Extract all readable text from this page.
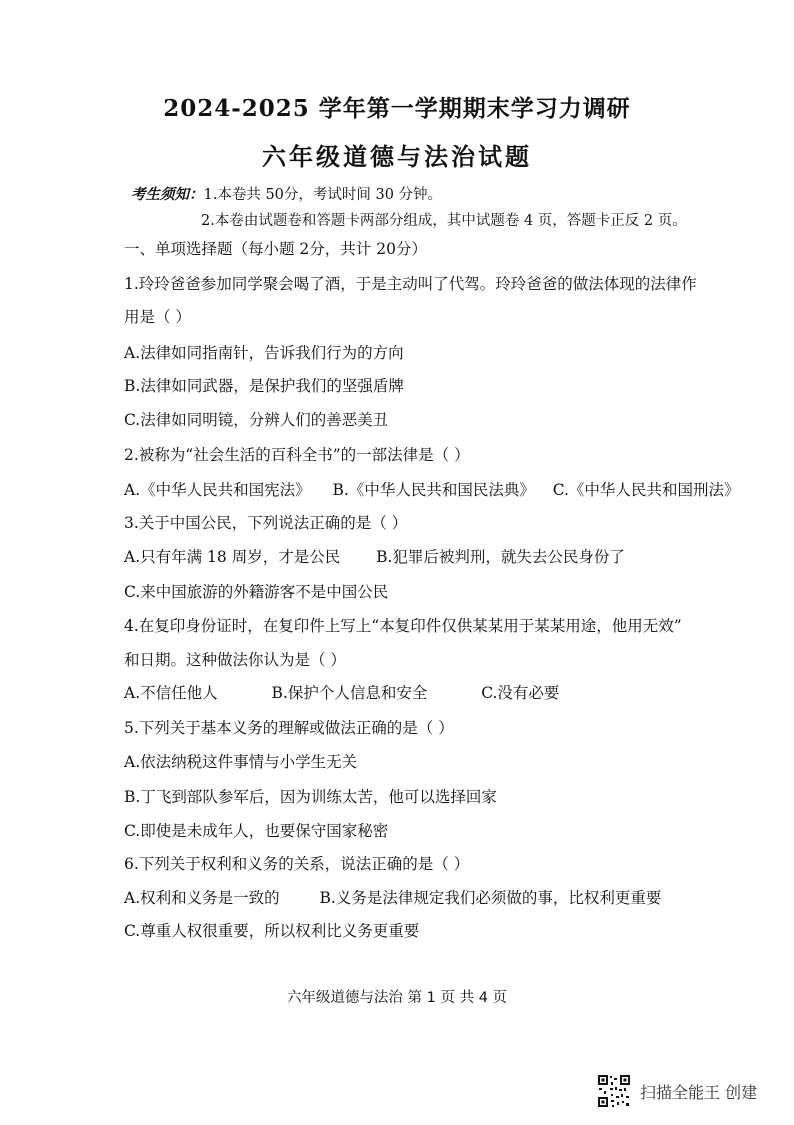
2024-2025 学年第一学期期末学习力调研
六年级道德与法治试题
考生须知：1.本卷共 50分，考试时间 30 分钟。
2.本卷由试题卷和答题卡两部分组成，其中试题卷 4 页，答题卡正反 2 页。
一、单项选择题（每小题 2分，共计 20分）
1.玲玲爸爸参加同学聚会喝了酒，于是主动叫了代驾。玲玲爸爸的做法体现的法律作
用是（ ）
A.法律如同指南针，告诉我们行为的方向
B.法律如同武器，是保护我们的坚强盾牌
C.法律如同明镜，分辨人们的善恶美丑
2.被称为“社会生活的百科全书”的一部法律是（ ）
A.《中华人民共和国宪法》 B.《中华人民共和国民法典》 C.《中华人民共和国刑法》
3.关于中国公民，下列说法正确的是（ ）
A.只有年满 18 周岁，才是公民 B.犯罪后被判刑，就失去公民身份了
C.来中国旅游的外籍游客不是中国公民
4.在复印身份证时，在复印件上写上“本复印件仅供某某用于某某用途，他用无效”
和日期。这种做法你认为是（ ）
A.不信任他人	B.保护个人信息和安全	C.没有必要
5.下列关于基本义务的理解或做法正确的是（ ）
A.依法纳税这件事情与小学生无关
B.丁飞到部队参军后，因为训练太苦，他可以选择回家
C.即使是未成年人，也要保守国家秘密
6.下列关于权利和义务的关系，说法正确的是（ ）
A.权利和义务是一致的	B.义务是法律规定我们必须做的事，比权利更重要
C.尊重人权很重要，所以权利比义务更重要
六年级道德与法治 第 1 页 共 4 页
扫描全能王 创建
